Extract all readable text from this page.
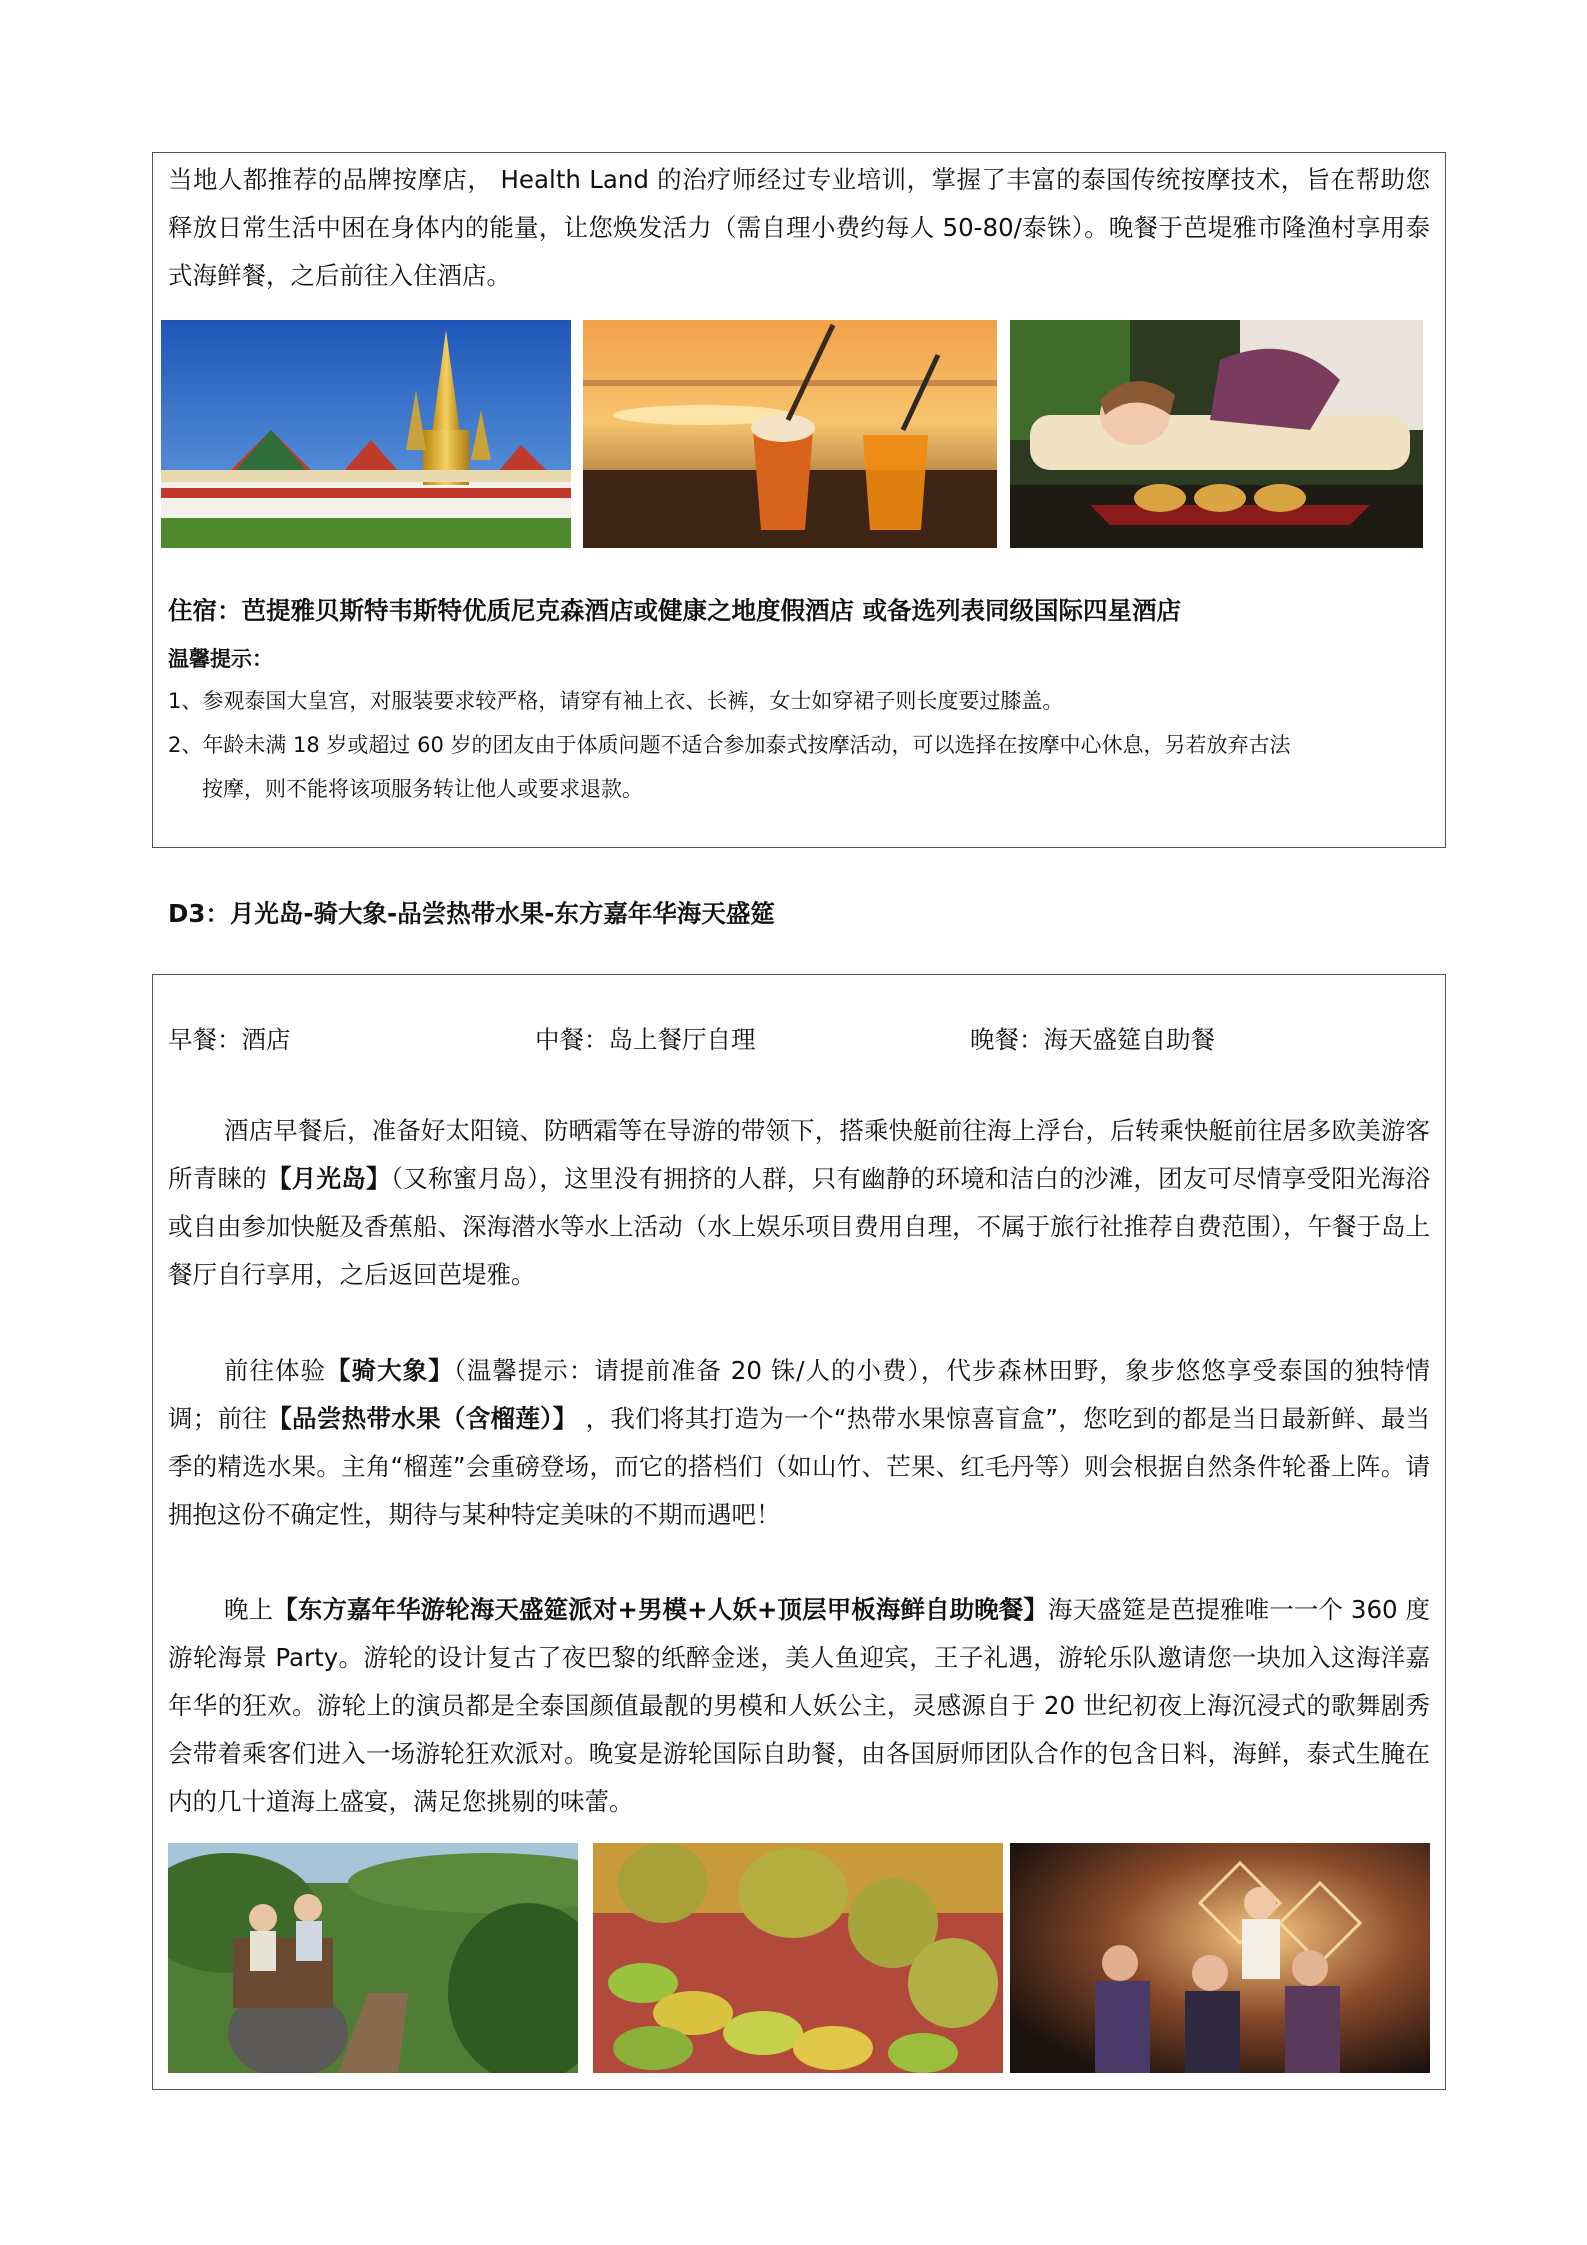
当地人都推荐的品牌按摩店， Health Land 的治疗师经过专业培训，掌握了丰富的泰国传统按摩技术，旨在帮助您释放日常生活中困在身体内的能量，让您焕发活力（需自理小费约每人 50-80/泰铢）。晚餐于芭堤雅市隆渔村享用泰式海鲜餐，之后前往入住酒店。

住宿：芭提雅贝斯特韦斯特优质尼克森酒店或健康之地度假酒店 或备选列表同级国际四星酒店

温馨提示：

1、参观泰国大皇宫，对服装要求较严格，请穿有袖上衣、长裤，女士如穿裙子则长度要过膝盖。

2、年龄未满 18 岁或超过 60 岁的团友由于体质问题不适合参加泰式按摩活动，可以选择在按摩中心休息，另若放弃古法
按摩，则不能将该项服务转让他人或要求退款。

D3：月光岛-骑大象-品尝热带水果-东方嘉年华海天盛筵

早餐：酒店	中餐：岛上餐厅自理	晚餐：海天盛筵自助餐

酒店早餐后，准备好太阳镜、防晒霜等在导游的带领下，搭乘快艇前往海上浮台，后转乘快艇前往居多欧美游客所青睐的【月光岛】（又称蜜月岛），这里没有拥挤的人群，只有幽静的环境和洁白的沙滩，团友可尽情享受阳光海浴或自由参加快艇及香蕉船、深海潜水等水上活动（水上娱乐项目费用自理，不属于旅行社推荐自费范围），午餐于岛上餐厅自行享用，之后返回芭堤雅。

前往体验【骑大象】（温馨提示：请提前准备 20 铢/人的小费），代步森林田野，象步悠悠享受泰国的独特情调；前往【品尝热带水果（含榴莲）】 ，我们将其打造为一个“热带水果惊喜盲盒”，您吃到的都是当日最新鲜、最当季的精选水果。主角“榴莲”会重磅登场，而它的搭档们（如山竹、芒果、红毛丹等）则会根据自然条件轮番上阵。请拥抱这份不确定性，期待与某种特定美味的不期而遇吧！

晚上【东方嘉年华游轮海天盛筵派对+男模+人妖+顶层甲板海鲜自助晚餐】海天盛筵是芭提雅唯一一个 360 度游轮海景 Party。游轮的设计复古了夜巴黎的纸醉金迷，美人鱼迎宾，王子礼遇，游轮乐队邀请您一块加入这海洋嘉年华的狂欢。游轮上的演员都是全泰国颜值最靓的男模和人妖公主，灵感源自于 20 世纪初夜上海沉浸式的歌舞剧秀会带着乘客们进入一场游轮狂欢派对。晚宴是游轮国际自助餐，由各国厨师团队合作的包含日料，海鲜，泰式生腌在内的几十道海上盛宴，满足您挑剔的味蕾。
